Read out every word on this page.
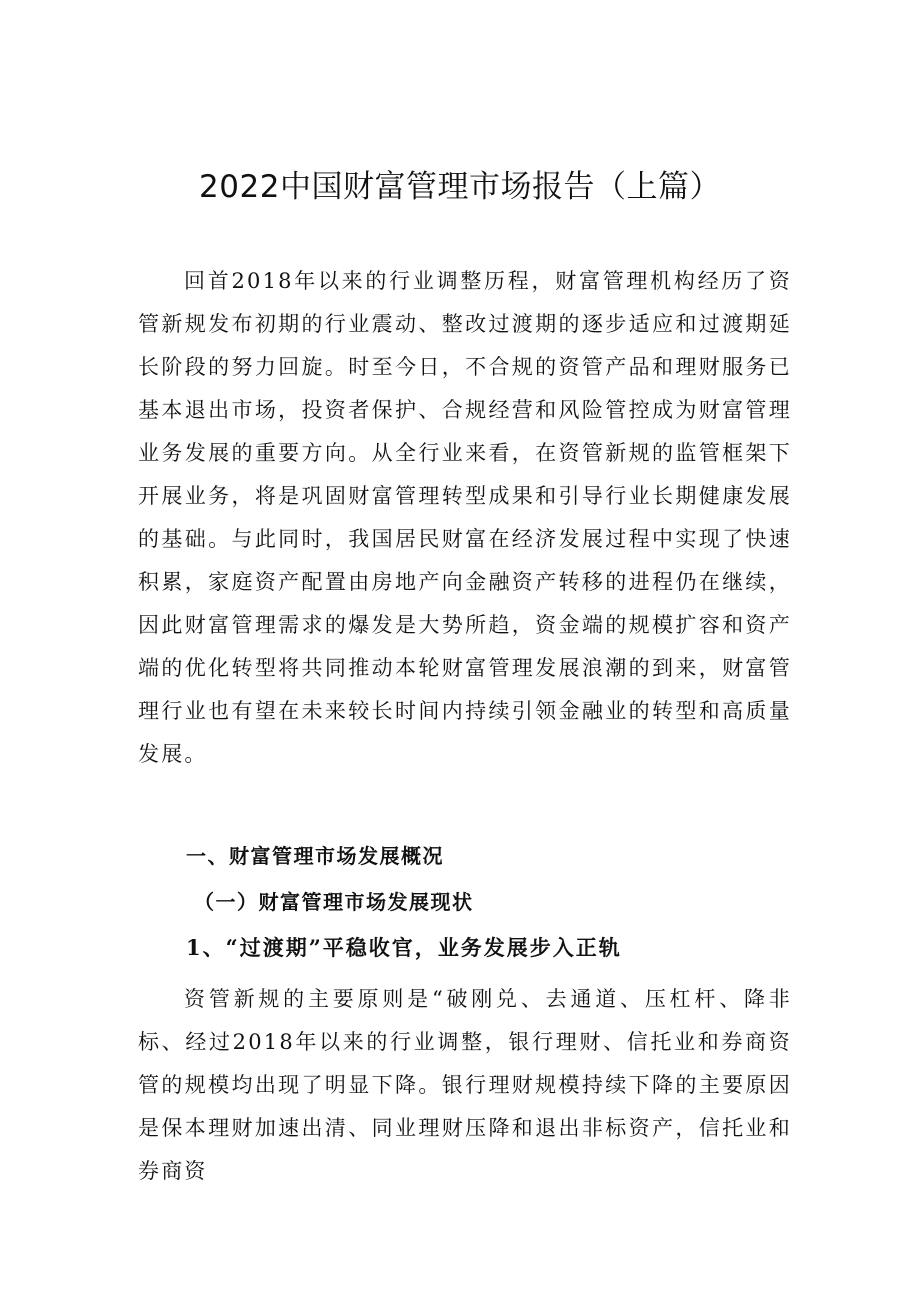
2022中国财富管理市场报告（上篇）

回首2018年以来的行业调整历程，财富管理机构经历了资管新规发布初期的行业震动、整改过渡期的逐步适应和过渡期延长阶段的努力回旋。时至今日，不合规的资管产品和理财服务已基本退出市场，投资者保护、合规经营和风险管控成为财富管理业务发展的重要方向。从全行业来看，在资管新规的监管框架下开展业务，将是巩固财富管理转型成果和引导行业长期健康发展的基础。与此同时，我国居民财富在经济发展过程中实现了快速积累，家庭资产配置由房地产向金融资产转移的进程仍在继续，因此财富管理需求的爆发是大势所趋，资金端的规模扩容和资产端的优化转型将共同推动本轮财富管理发展浪潮的到来，财富管理行业也有望在未来较长时间内持续引领金融业的转型和高质量发展。

一、财富管理市场发展概况
（一）财富管理市场发展现状
1、“过渡期”平稳收官，业务发展步入正轨

资管新规的主要原则是“破刚兑、去通道、压杠杆、降非标、经过2018年以来的行业调整，银行理财、信托业和券商资管的规模均出现了明显下降。银行理财规模持续下降的主要原因是保本理财加速出清、同业理财压降和退出非标资产，信托业和券商资
